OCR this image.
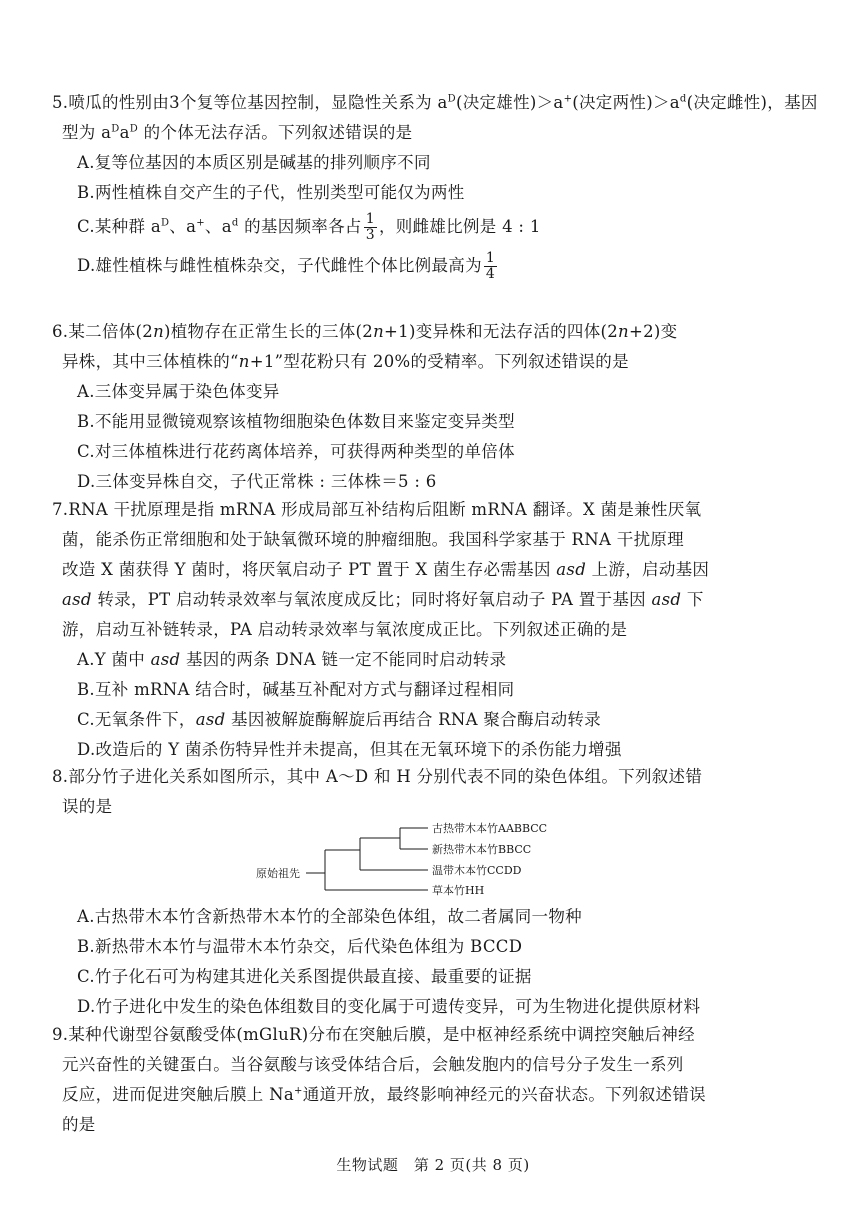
5.喷瓜的性别由3个复等位基因控制，显隐性关系为 $a^D$(决定雄性)＞a+(决定两性)$>a^d$(决定雌性)，基因型为 $a^Da^D$ 的个体无法存活。下列叙述错误的是

A.复等位基因的本质区别是碱基的排列顺序不同

B.两性植株自交产生的子代，性别类型可能仅为两性

C.某种群 $a^D$、a+、$a^d$ 的基因频率各占 $\frac{1}{3}$ ，则雌雄比例是 4 : 1

D.雄性植株与雌性植株杂交，子代雌性个体比例最高为 $\frac{1}{4}$

6.某二倍体(2n)植物存在正常生长的三体(2n+1)变异株和无法存活的四体(2n+2)变

异株，其中三体植株的“n+1”型花粉只有 20%的受精率。下列叙述错误的是

A.三体变异属于染色体变异

B.不能用显微镜观察该植物细胞染色体数目来鉴定变异类型

C.对三体植株进行花药离体培养，可获得两种类型的单倍体

D.三体变异株自交，子代正常株 : 三体株＝5 : 6

7.RNA 干扰原理是指 mRNA 形成局部互补结构后阻断 mRNA 翻译。X 菌是兼性厌氧

菌，能杀伤正常细胞和处于缺氧微环境的肿瘤细胞。我国科学家基于 RNA 干扰原理

改造 X 菌获得 Y 菌时，将厌氧启动子 PT 置于 X 菌生存必需基因 asd 上游，启动基因

asd 转录，PT 启动转录效率与氧浓度成反比；同时将好氧启动子 PA 置于基因 asd 下

游，启动互补链转录，PA 启动转录效率与氧浓度成正比。下列叙述正确的是

A.Y 菌中 asd 基因的两条 DNA 链一定不能同时启动转录

B.互补 mRNA 结合时，碱基互补配对方式与翻译过程相同

C.无氧条件下，asd 基因被解旋酶解旋后再结合 RNA 聚合酶启动转录

D.改造后的 Y 菌杀伤特异性并未提高，但其在无氧环境下的杀伤能力增强

8.部分竹子进化关系如图所示，其中 A～D 和 H 分别代表不同的染色体组。下列叙述错

误的是

原始祖先
古热带木本竹AABBCC
新热带木本竹BBCC
温带木本竹CCDD
草本竹HH

A.古热带木本竹含新热带木本竹的全部染色体组，故二者属同一物种

B.新热带木本竹与温带木本竹杂交，后代染色体组为 BCCD

C.竹子化石可为构建其进化关系图提供最直接、最重要的证据

D.竹子进化中发生的染色体组数目的变化属于可遗传变异，可为生物进化提供原材料

9.某种代谢型谷氨酸受体(mGluR)分布在突触后膜，是中枢神经系统中调控突触后神经

元兴奋性的关键蛋白。当谷氨酸与该受体结合后，会触发胞内的信号分子发生一系列

反应，进而促进突触后膜上 Na+通道开放，最终影响神经元的兴奋状态。下列叙述错误

的是

生物试题　第 2 页(共 8 页)
